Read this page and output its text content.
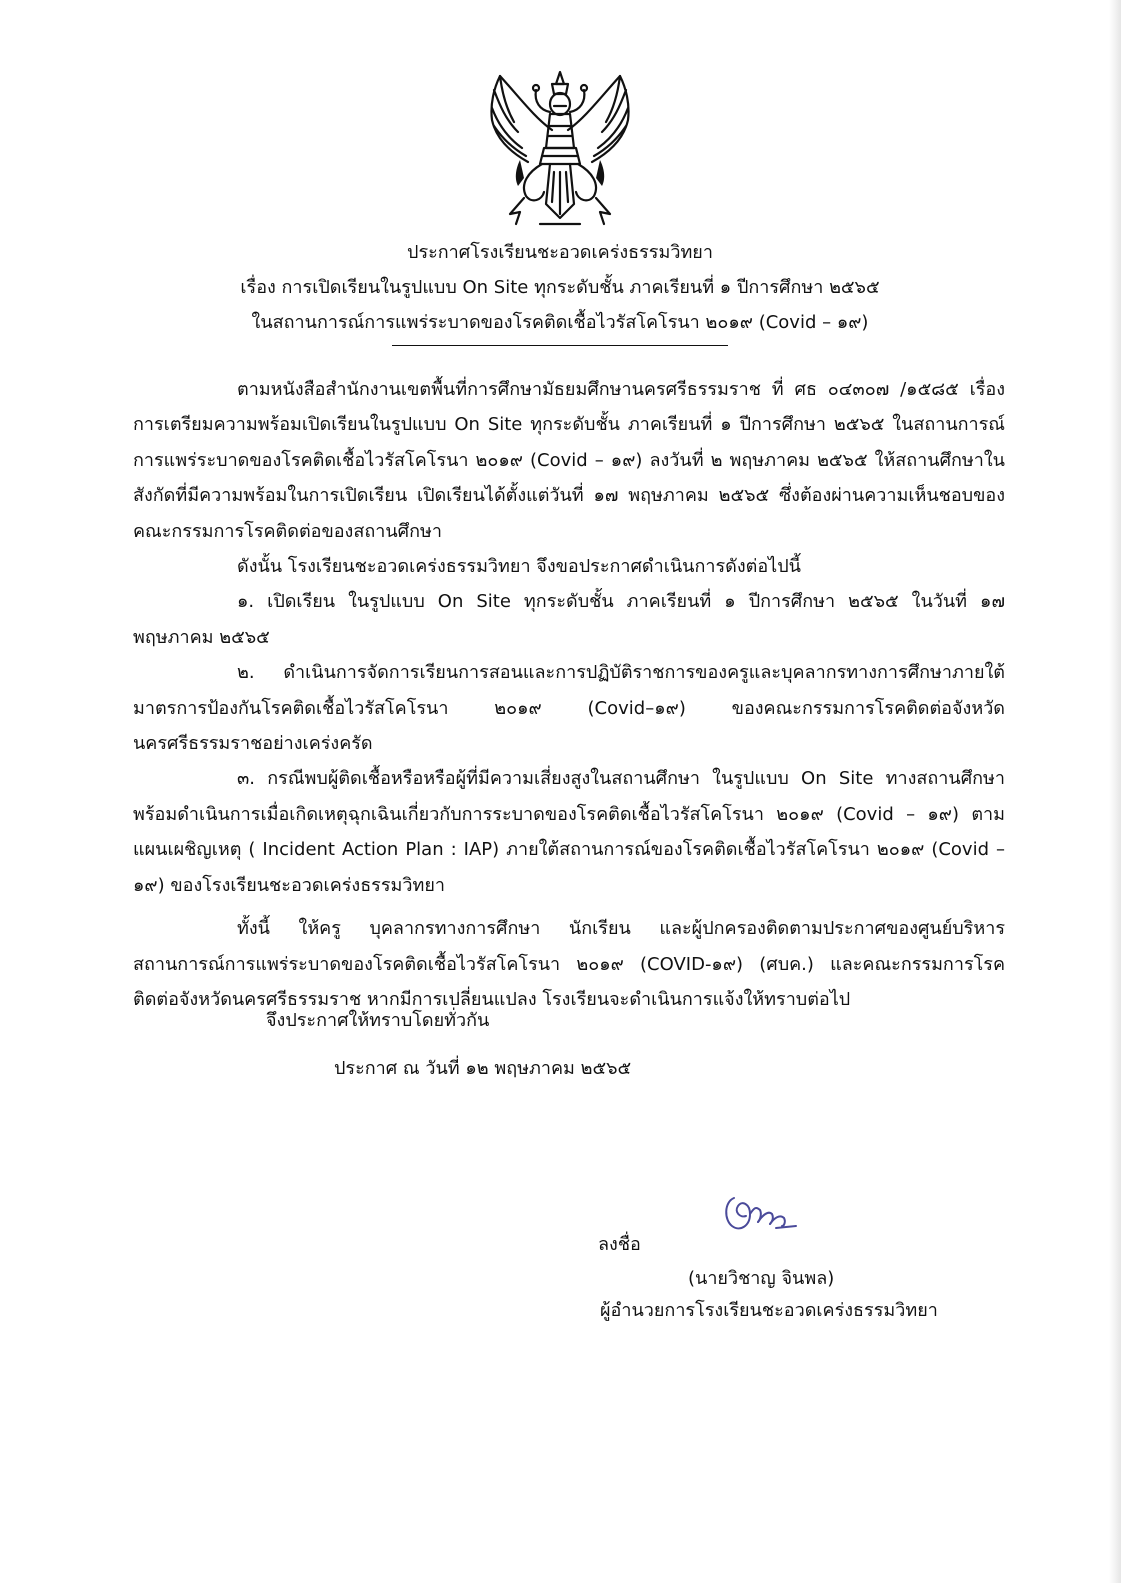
ประกาศโรงเรียนชะอวดเคร่งธรรมวิทยา
เรื่อง การเปิดเรียนในรูปแบบ On Site ทุกระดับชั้น ภาคเรียนที่ ๑ ปีการศึกษา ๒๕๖๕
ในสถานการณ์การแพร่ระบาดของโรคติดเชื้อไวรัสโคโรนา ๒๐๑๙ (Covid – ๑๙)

ตามหนังสือสำนักงานเขตพื้นที่การศึกษามัธยมศึกษานครศรีธรรมราช ที่ ศธ ๐๔๓๐๗ /๑๕๘๕ เรื่อง การเตรียมความพร้อมเปิดเรียนในรูปแบบ On Site ทุกระดับชั้น ภาคเรียนที่ ๑ ปีการศึกษา ๒๕๖๕ ในสถานการณ์การแพร่ระบาดของโรคติดเชื้อไวรัสโคโรนา ๒๐๑๙ (Covid – ๑๙) ลงวันที่ ๒ พฤษภาคม ๒๕๖๕ ให้สถานศึกษาในสังกัดที่มีความพร้อมในการเปิดเรียน เปิดเรียนได้ตั้งแต่วันที่ ๑๗ พฤษภาคม ๒๕๖๕ ซึ่งต้องผ่านความเห็นชอบของคณะกรรมการโรคติดต่อของสถานศึกษา

ดังนั้น โรงเรียนชะอวดเคร่งธรรมวิทยา จึงขอประกาศดำเนินการดังต่อไปนี้

๑. เปิดเรียน ในรูปแบบ On Site ทุกระดับชั้น ภาคเรียนที่ ๑ ปีการศึกษา ๒๕๖๕ ในวันที่ ๑๗ พฤษภาคม ๒๕๖๕

๒. ดำเนินการจัดการเรียนการสอนและการปฏิบัติราชการของครูและบุคลากรทางการศึกษาภายใต้มาตรการป้องกันโรคติดเชื้อไวรัสโคโรนา ๒๐๑๙ (Covid–๑๙) ของคณะกรรมการโรคติดต่อจังหวัดนครศรีธรรมราชอย่างเคร่งครัด

๓. กรณีพบผู้ติดเชื้อหรือหรือผู้ที่มีความเสี่ยงสูงในสถานศึกษา ในรูปแบบ On Site ทางสถานศึกษาพร้อมดำเนินการเมื่อเกิดเหตุฉุกเฉินเกี่ยวกับการระบาดของโรคติดเชื้อไวรัสโคโรนา ๒๐๑๙ (Covid – ๑๙) ตามแผนเผชิญเหตุ ( Incident Action Plan : IAP) ภายใต้สถานการณ์ของโรคติดเชื้อไวรัสโคโรนา ๒๐๑๙ (Covid – ๑๙) ของโรงเรียนชะอวดเคร่งธรรมวิทยา

ทั้งนี้ ให้ครู บุคลากรทางการศึกษา นักเรียน และผู้ปกครองติดตามประกาศของศูนย์บริหารสถานการณ์การแพร่ระบาดของโรคติดเชื้อไวรัสโคโรนา ๒๐๑๙ (COVID-๑๙) (ศบค.) และคณะกรรมการโรคติดต่อจังหวัดนครศรีธรรมราช หากมีการเปลี่ยนแปลง โรงเรียนจะดำเนินการแจ้งให้ทราบต่อไป

จึงประกาศให้ทราบโดยทั่วกัน
ประกาศ ณ วันที่ ๑๒ พฤษภาคม ๒๕๖๕
ลงชื่อ
(นายวิชาญ จินพล)
ผู้อำนวยการโรงเรียนชะอวดเคร่งธรรมวิทยา
